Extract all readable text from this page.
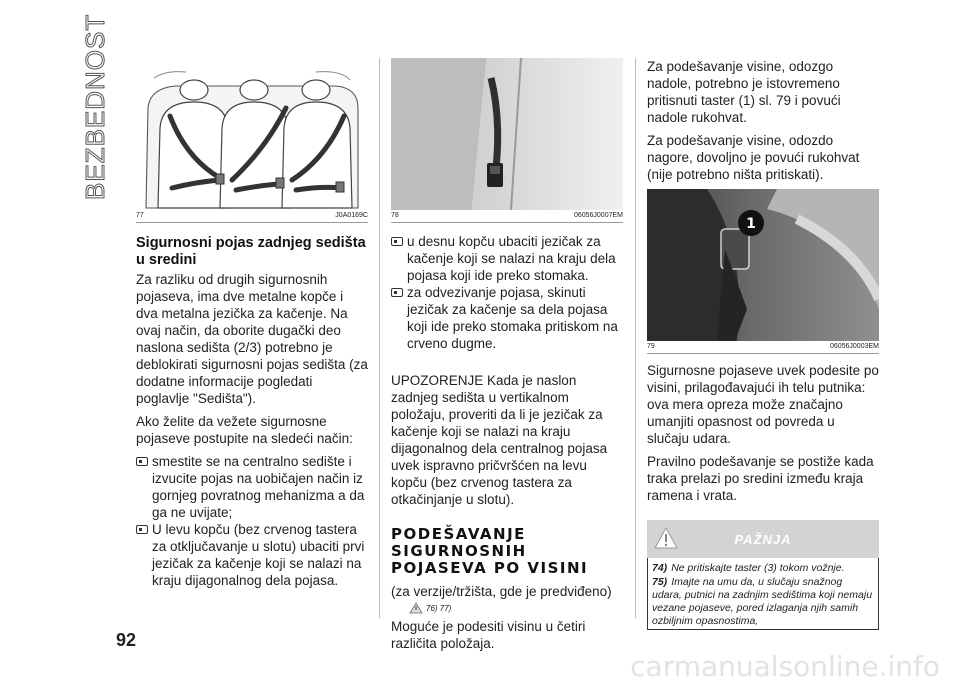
BEZBEDNOST
77	J0A0169C
Sigurnosni pojas zadnjeg sedišta u sredini

Za razliku od drugih sigurnosnih pojaseva, ima dve metalne kopče i dva metalna jezička za kačenje. Na ovaj način, da oborite dugački deo naslona sedišta (2/3) potrebno je deblokirati sigurnosni pojas sedišta (za dodatne informacije pogledati poglavlje "Sedišta").

Ako želite da vežete sigurnosne pojaseve postupite na sledeći način:

smestite se na centralno sedište i izvucite pojas na uobičajen način iz gornjeg povratnog mehanizma a da ga ne uvijate;
U levu kopču (bez crvenog tastera za otključavanje u slotu) ubaciti prvi jezičak za kačenje koji se nalazi na kraju dijagonalnog dela pojasa.
78	06056J0007EM
u desnu kopču ubaciti jezičak za kačenje koji se nalazi na kraju dela pojasa koji ide preko stomaka.
za odvezivanje pojasa, skinuti jezičak za kačenje sa dela pojasa koji ide preko stomaka pritiskom na crveno dugme.

UPOZORENJE Kada je naslon zadnjeg sedišta u vertikalnom položaju, proveriti da li je jezičak za kačenje koji se nalazi na kraju dijagonalnog dela centralnog pojasa uvek ispravno pričvršćen na levu kopču (bez crvenog tastera za otkačinjanje u slotu).

PODEŠAVANJE SIGURNOSNIH POJASEVA PO VISINI

(za verzije/tržišta, gde je predviđeno)

76) 77)

Moguće je podesiti visinu u četiri različita položaja.

Za podešavanje visine, odozgo nadole, potrebno je istovremeno pritisnuti taster (1) sl. 79 i povući nadole rukohvat.

Za podešavanje visine, odozdo nagore, dovoljno je povući rukohvat (nije potrebno ništa pritiskati).

1
79	06056J0003EM

Sigurnosne pojaseve uvek podesite po visini, prilagođavajući ih telu putnika: ova mera opreza može značajno umanjiti opasnost od povreda u slučaju udara.

Pravilno podešavanje se postiže kada traka prelazi po sredini između kraja ramena i vrata.

PAŽNJA
74) Ne pritiskajte taster (3) tokom vožnje.
75) Imajte na umu da, u slučaju snažnog udara, putnici na zadnjim sedištima koji nemaju vezane pojaseve, pored izlaganja njih samih ozbiljnim opasnostima,
92
carmanualsonline.info
